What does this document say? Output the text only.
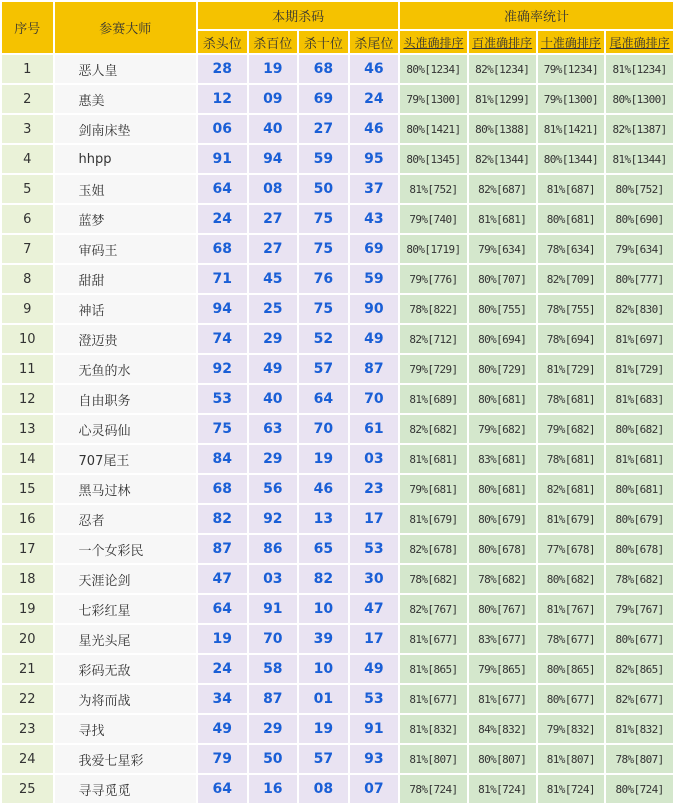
序号	参赛大师	本期杀码				准确率统计			
		杀头位	杀百位	杀十位	杀尾位	头准确排序	百准确排序	十准确排序	尾准确排序
1	恶人皇	28	19	68	46	80%[1234]	82%[1234]	79%[1234]	81%[1234]
2	惠美	12	09	69	24	79%[1300]	81%[1299]	79%[1300]	80%[1300]
3	剑南床垫	06	40	27	46	80%[1421]	80%[1388]	81%[1421]	82%[1387]
4	hhpp	91	94	59	95	80%[1345]	82%[1344]	80%[1344]	81%[1344]
5	玉姐	64	08	50	37	81%[752]	82%[687]	81%[687]	80%[752]
6	蓝梦	24	27	75	43	79%[740]	81%[681]	80%[681]	80%[690]
7	审码王	68	27	75	69	80%[1719]	79%[634]	78%[634]	79%[634]
8	甜甜	71	45	76	59	79%[776]	80%[707]	82%[709]	80%[777]
9	神话	94	25	75	90	78%[822]	80%[755]	78%[755]	82%[830]
10	澄迈贵	74	29	52	49	82%[712]	80%[694]	78%[694]	81%[697]
11	无鱼的水	92	49	57	87	79%[729]	80%[729]	81%[729]	81%[729]
12	自由职务	53	40	64	70	81%[689]	80%[681]	78%[681]	81%[683]
13	心灵码仙	75	63	70	61	82%[682]	79%[682]	79%[682]	80%[682]
14	707尾王	84	29	19	03	81%[681]	83%[681]	78%[681]	81%[681]
15	黑马过林	68	56	46	23	79%[681]	80%[681]	82%[681]	80%[681]
16	忍者	82	92	13	17	81%[679]	80%[679]	81%[679]	80%[679]
17	一个女彩民	87	86	65	53	82%[678]	80%[678]	77%[678]	80%[678]
18	天涯论剑	47	03	82	30	78%[682]	78%[682]	80%[682]	78%[682]
19	七彩红星	64	91	10	47	82%[767]	80%[767]	81%[767]	79%[767]
20	星光头尾	19	70	39	17	81%[677]	83%[677]	78%[677]	80%[677]
21	彩码无敌	24	58	10	49	81%[865]	79%[865]	80%[865]	82%[865]
22	为将而战	34	87	01	53	81%[677]	81%[677]	80%[677]	82%[677]
23	寻找	49	29	19	91	81%[832]	84%[832]	79%[832]	81%[832]
24	我爱七星彩	79	50	57	93	81%[807]	80%[807]	81%[807]	78%[807]
25	寻寻觅觅	64	16	08	07	78%[724]	81%[724]	81%[724]	80%[724]
